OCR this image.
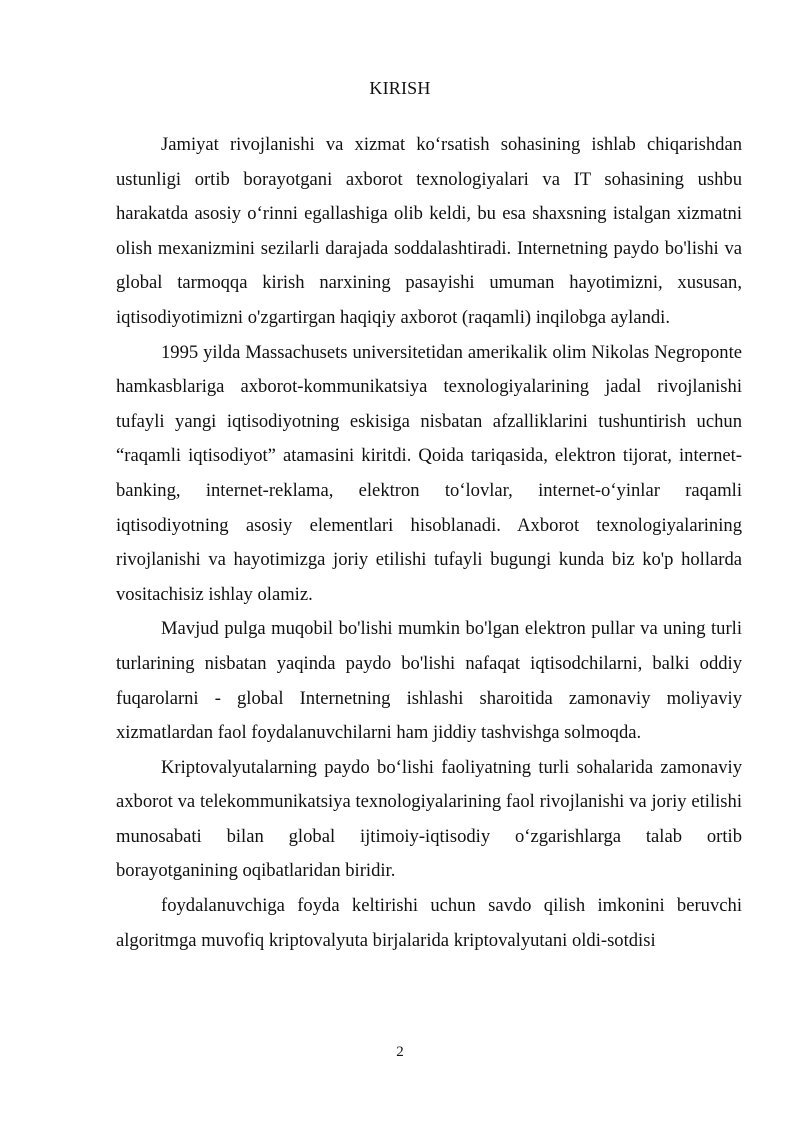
KIRISH

Jamiyat rivojlanishi va xizmat ko‘rsatish sohasining ishlab chiqarishdan ustunligi ortib borayotgani axborot texnologiyalari va IT sohasining ushbu harakatda asosiy o‘rinni egallashiga olib keldi, bu esa shaxsning istalgan xizmatni olish mexanizmini sezilarli darajada soddalashtiradi. Internetning paydo bo'lishi va global tarmoqqa kirish narxining pasayishi umuman hayotimizni, xususan, iqtisodiyotimizni o'zgartirgan haqiqiy axborot (raqamli) inqilobga aylandi.

1995 yilda Massachusets universitetidan amerikalik olim Nikolas Negroponte hamkasblariga axborot-kommunikatsiya texnologiyalarining jadal rivojlanishi tufayli yangi iqtisodiyotning eskisiga nisbatan afzalliklarini tushuntirish uchun “raqamli iqtisodiyot” atamasini kiritdi. Qoida tariqasida, elektron tijorat, internet-banking, internet-reklama, elektron to‘lovlar, internet-o‘yinlar raqamli iqtisodiyotning asosiy elementlari hisoblanadi. Axborot texnologiyalarining rivojlanishi va hayotimizga joriy etilishi tufayli bugungi kunda biz ko'p hollarda vositachisiz ishlay olamiz.

Mavjud pulga muqobil bo'lishi mumkin bo'lgan elektron pullar va uning turli turlarining nisbatan yaqinda paydo bo'lishi nafaqat iqtisodchilarni, balki oddiy fuqarolarni - global Internetning ishlashi sharoitida zamonaviy moliyaviy xizmatlardan faol foydalanuvchilarni ham jiddiy tashvishga solmoqda.

Kriptovalyutalarning paydo bo‘lishi faoliyatning turli sohalarida zamonaviy axborot va telekommunikatsiya texnologiyalarining faol rivojlanishi va joriy etilishi munosabati bilan global ijtimoiy-iqtisodiy o‘zgarishlarga talab ortib borayotganining oqibatlaridan biridir.

foydalanuvchiga foyda keltirishi uchun savdo qilish imkonini beruvchi algoritmga muvofiq kriptovalyuta birjalarida kriptovalyutani oldi-sotdisi

2
